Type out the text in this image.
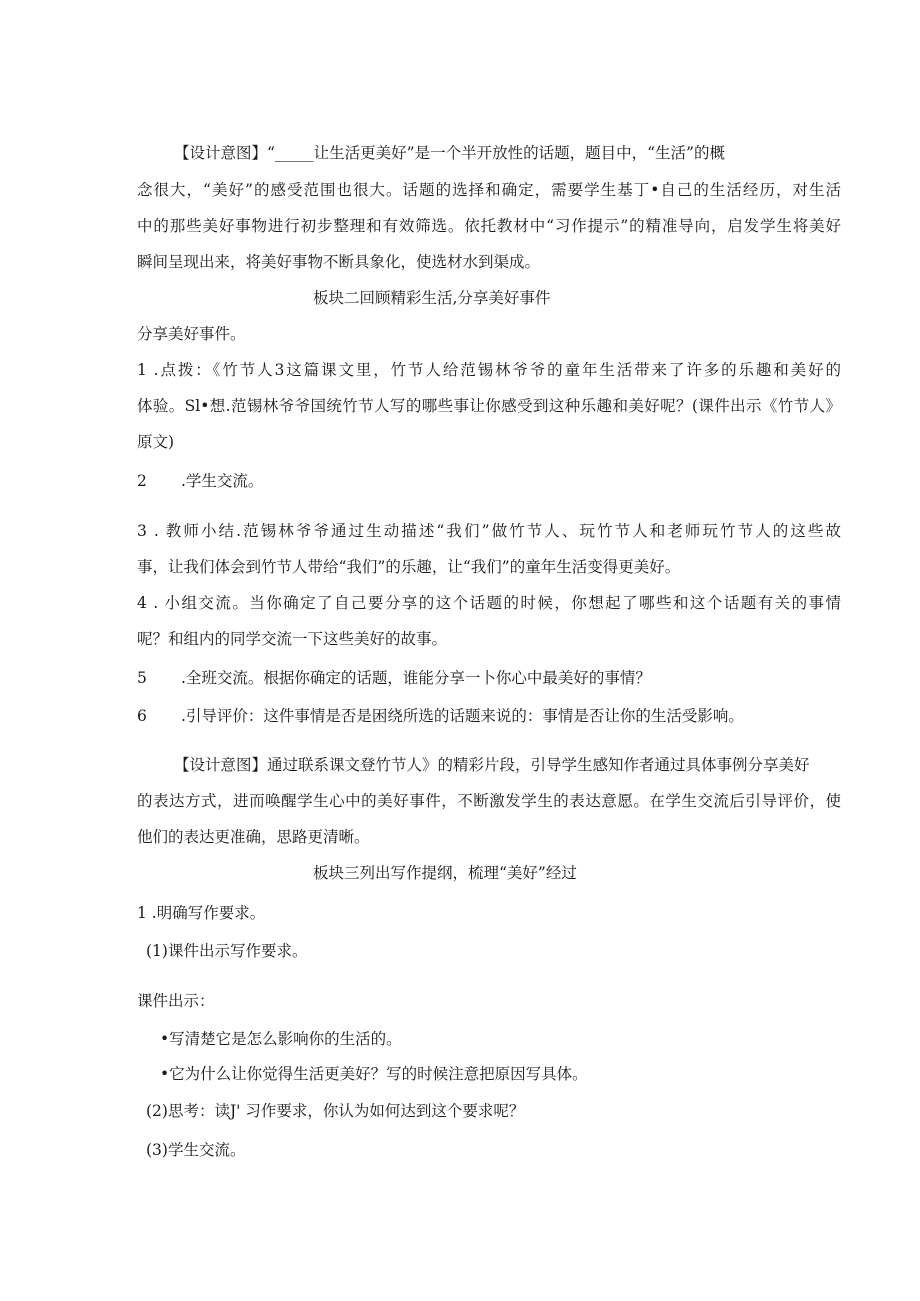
【设计意图】“_____让生活更美好”是一个半开放性的话题，题目中，“生活”的概
念很大，“美好”的感受范围也很大。话题的选择和确定，需要学生基丁•自己的生活经历，对生活
中的那些美好事物进行初步整理和有效筛选。依托教材中“习作提示”的精准导向，启发学生将美好
瞬间呈现出来，将美好事物不断具象化，使选材水到渠成。
板块二回顾精彩生活,分享美好事件
分享美好事件。
1 .点拨：《竹节人3这篇课文里，竹节人给范锡林爷爷的童年生活带来了许多的乐趣和美好的
体验。Sl•想.范锡林爷爷国统竹节人写的哪些事让你感受到这种乐趣和美好呢？(课件出示《竹节人》
原文)
2 .学生交流。
3 . 教师小结.范锡林爷爷通过生动描述“我们”做竹节人、玩竹节人和老师玩竹节人的这些故
事，让我们体会到竹节人带给“我们”的乐趣，让“我们”的童年生活变得更美好。
4 . 小组交流。当你确定了自己要分享的这个话题的时候，你想起了哪些和这个话题有关的事情
呢？和组内的同学交流一下这些美好的故事。
5 .全班交流。根据你确定的话题，谁能分享一卜你心中最美好的事情？
6 .引导评价：这件事情是否是困绕所选的话题来说的：事情是否让你的生活受影响。
【设计意图】通过联系课文登竹节人》的精彩片段，引导学生感知作者通过具体事例分享美好
的表达方式，进而唤醒学生心中的美好事件，不断激发学生的表达意愿。在学生交流后引导评价，使
他们的表达更准确，思路更清晰。
板块三列出写作提纲，梳理“美好”经过
1 .明确写作要求。
(1)课件出示写作要求。
课件出示：
•写清楚它是怎么影响你的生活的。
•它为什么让你觉得生活更美好？写的时候注意把原因写具体。
(2)思考：读J' 习作要求，你认为如何达到这个要求呢？
(3)学生交流。
